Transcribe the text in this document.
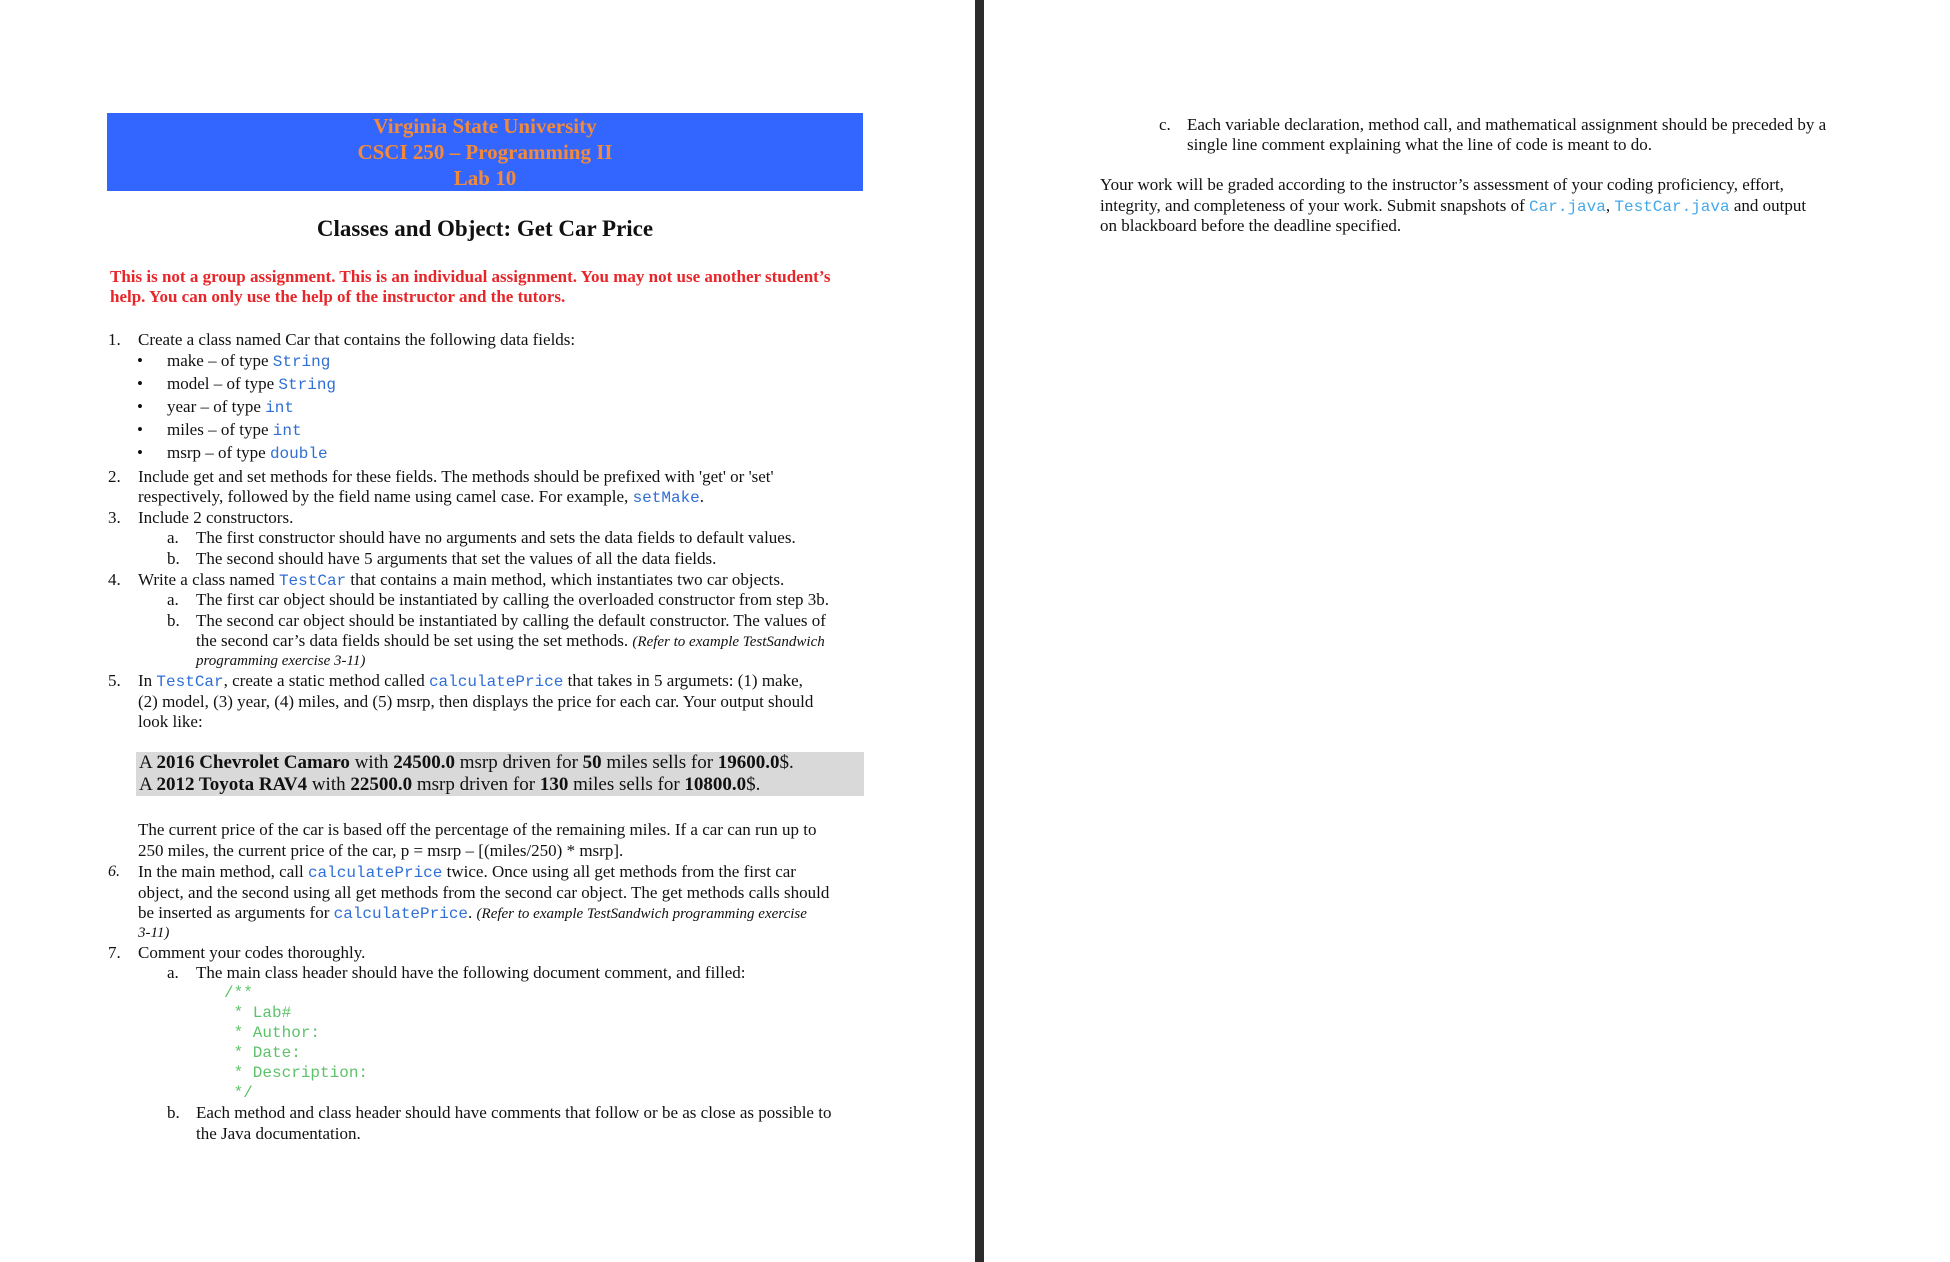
Virginia State University
CSCI 250 – Programming II
Lab 10
Classes and Object: Get Car Price
This is not a group assignment. This is an individual assignment. You may not use another student’s help. You can only use the help of the instructor and the tutors.
1.	Create a class named Car that contains the following data fields:
• make – of type String
• model – of type String
• year – of type int
• miles – of type int
• msrp – of type double
2.	Include get and set methods for these fields. The methods should be prefixed with 'get' or 'set'
respectively, followed by the field name using camel case. For example, setMake.
3.	Include 2 constructors.
a. The first constructor should have no arguments and sets the data fields to default values.
b. The second should have 5 arguments that set the values of all the data fields.
4.	Write a class named TestCar that contains a main method, which instantiates two car objects.
a. The first car object should be instantiated by calling the overloaded constructor from step 3b.
b. The second car object should be instantiated by calling the default constructor. The values of
the second car’s data fields should be set using the set methods. (Refer to example TestSandwich
programming exercise 3-11)
5.	In TestCar, create a static method called calculatePrice that takes in 5 argumets: (1) make,
(2) model, (3) year, (4) miles, and (5) msrp, then displays the price for each car. Your output should
look like:
A 2016 Chevrolet Camaro with 24500.0 msrp driven for 50 miles sells for 19600.0$.
A 2012 Toyota RAV4 with 22500.0 msrp driven for 130 miles sells for 10800.0$.
The current price of the car is based off the percentage of the remaining miles. If a car can run up to
250 miles, the current price of the car, p = msrp – [(miles/250) * msrp].
6.	In the main method, call calculatePrice twice. Once using all get methods from the first car
object, and the second using all get methods from the second car object. The get methods calls should
be inserted as arguments for calculatePrice. (Refer to example TestSandwich programming exercise
3-11)
7.	Comment your codes thoroughly.
a. The main class header should have the following document comment, and filled:
/**
* Lab#
* Author:
* Date:
* Description:
*/
b. Each method and class header should have comments that follow or be as close as possible to
the Java documentation.
c. Each variable declaration, method call, and mathematical assignment should be preceded by a
single line comment explaining what the line of code is meant to do.
Your work will be graded according to the instructor’s assessment of your coding proficiency, effort,
integrity, and completeness of your work. Submit snapshots of Car.java, TestCar.java and output
on blackboard before the deadline specified.
